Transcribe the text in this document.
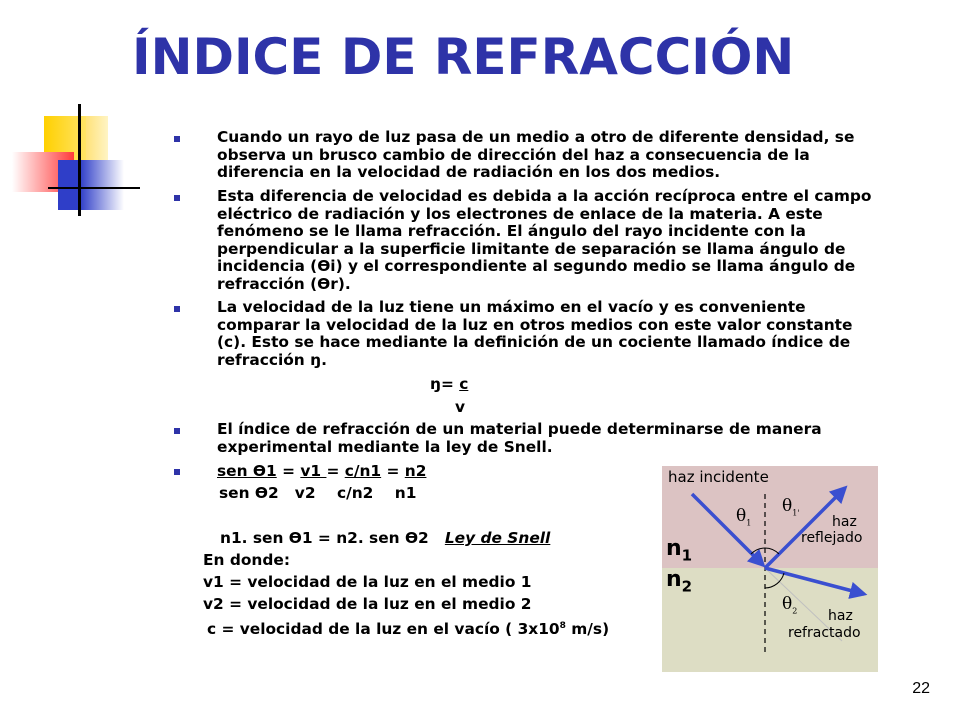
ÍNDICE DE REFRACCIÓN
Cuando un rayo de luz pasa de un medio a otro de diferente densidad, se observa un brusco cambio de dirección del haz a consecuencia de la diferencia en la velocidad de radiación en los dos medios.
Esta diferencia de velocidad es debida a la acción recíproca entre el campo eléctrico de radiación y los electrones de enlace de la materia. A este fenómeno se le llama refracción. El ángulo del rayo incidente con la perpendicular a la superficie limitante de separación se llama ángulo de incidencia (Ɵi) y el correspondiente al segundo medio se llama ángulo de refracción (Ɵr).
La velocidad de la luz tiene un máximo en el vacío y es conveniente comparar la velocidad de la luz en otros medios con este valor constante (c). Esto se hace mediante la definición de un cociente llamado índice de refracción ŋ.
El índice de refracción de un material puede determinarse de manera experimental mediante la ley de Snell.
ŋ= c
v
sen Ɵ1 = v1 = c/n1 = n2
sen Ɵ2   v2    c/n2    n1
n1. sen Ɵ1 = n2. sen Ɵ2 Ley de Snell
En donde:
v1 = velocidad de la luz en el medio 1
v2 = velocidad de la luz en el medio 2
c = velocidad de la luz en el vacío ( $3x10^8$ m/s)
haz incidente
haz
reflejado
haz
refractado
$n_1$
$n_2$
$\theta_1$
$\theta_{1'}$
$\theta_2$
22
